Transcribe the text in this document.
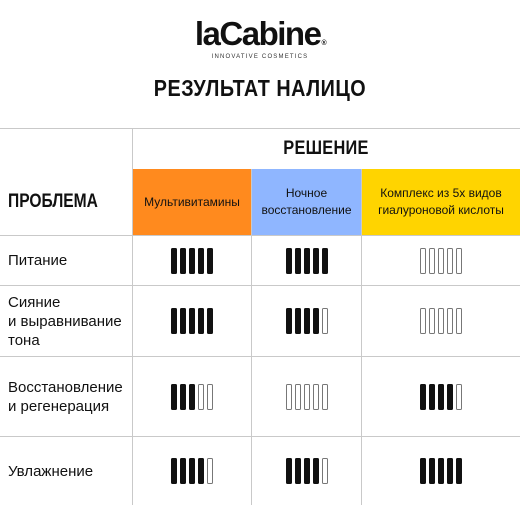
laCabine®
INNOVATIVE COSMETICS
РЕЗУЛЬТАТ НАЛИЦО
РЕШЕНИЕ
ПРОБЛЕМА	Мультивитамины
Ночное восстановление
Комплекс из 5х видов гиалуроновой кислоты
Питание
Сияние
и выравнивание
тона
Восстановление
и регенерация
Увлажнение
